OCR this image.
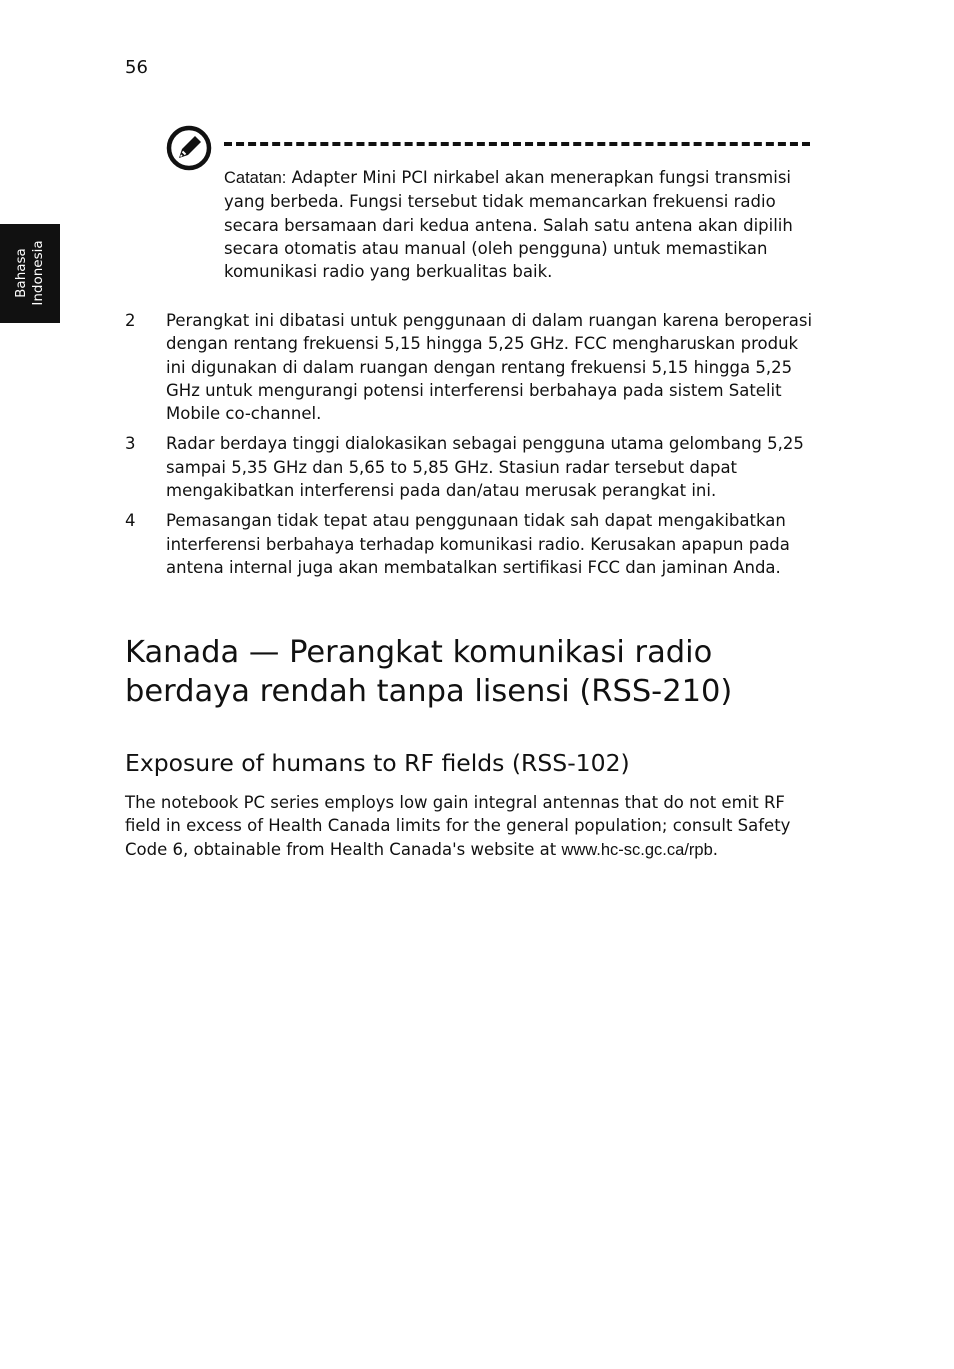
56
Bahasa Indonesia
Catatan: Adapter Mini PCI nirkabel akan menerapkan fungsi transmisi yang berbeda. Fungsi tersebut tidak memancarkan frekuensi radio secara bersamaan dari kedua antena. Salah satu antena akan dipilih secara otomatis atau manual (oleh pengguna) untuk memastikan komunikasi radio yang berkualitas baik.
2 Perangkat ini dibatasi untuk penggunaan di dalam ruangan karena beroperasi dengan rentang frekuensi 5,15 hingga 5,25 GHz. FCC mengharuskan produk ini digunakan di dalam ruangan dengan rentang frekuensi 5,15 hingga 5,25 GHz untuk mengurangi potensi interferensi berbahaya pada sistem Satelit Mobile co-channel.
3 Radar berdaya tinggi dialokasikan sebagai pengguna utama gelombang 5,25 sampai 5,35 GHz dan 5,65 to 5,85 GHz. Stasiun radar tersebut dapat mengakibatkan interferensi pada dan/atau merusak perangkat ini.
4 Pemasangan tidak tepat atau penggunaan tidak sah dapat mengakibatkan interferensi berbahaya terhadap komunikasi radio. Kerusakan apapun pada antena internal juga akan membatalkan sertifikasi FCC dan jaminan Anda.
Kanada — Perangkat komunikasi radio berdaya rendah tanpa lisensi (RSS-210)
Exposure of humans to RF fields (RSS-102)

The notebook PC series employs low gain integral antennas that do not emit RF field in excess of Health Canada limits for the general population; consult Safety Code 6, obtainable from Health Canada's website at www.hc-sc.gc.ca/rpb.
